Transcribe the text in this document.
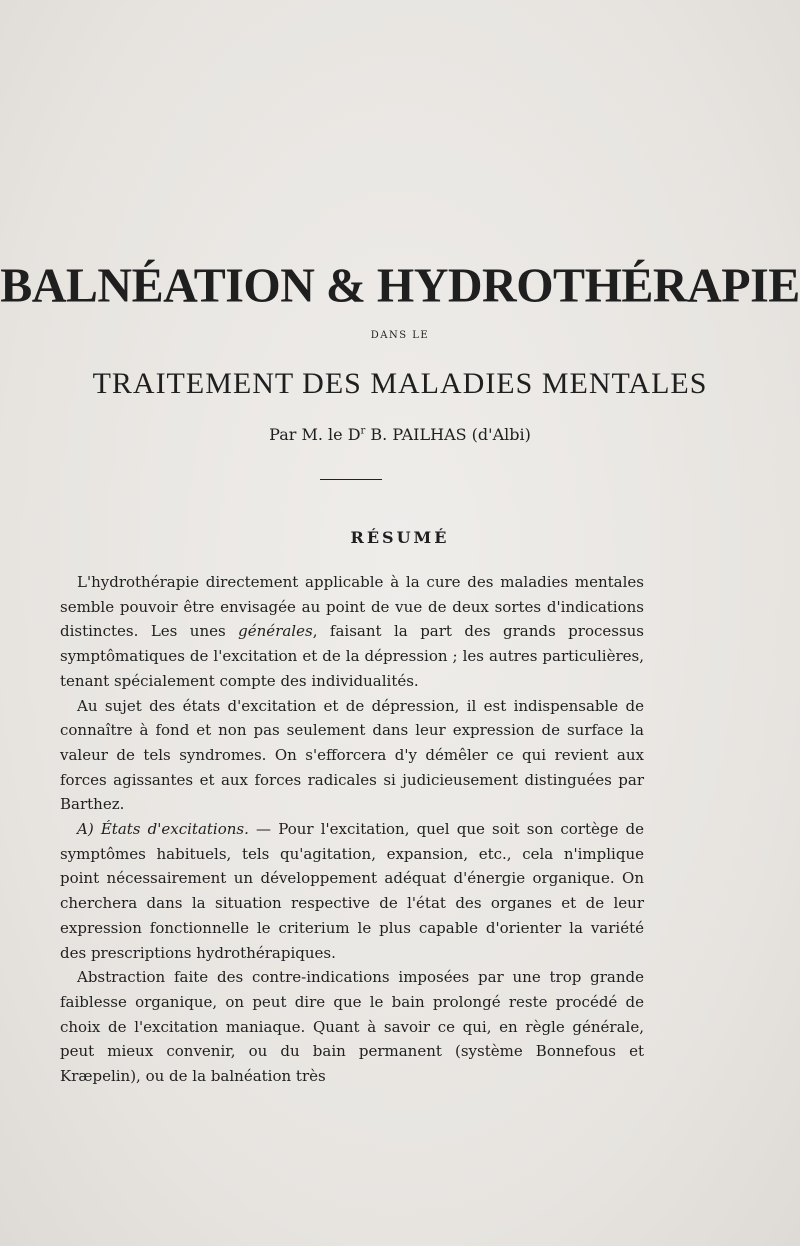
BALNÉATION & HYDROTHÉRAPIE
DANS LE
TRAITEMENT DES MALADIES MENTALES
Par M. le $D^r$ B. PAILHAS (d'Albi)
RÉSUMÉ

L'hydrothérapie directement applicable à la cure des maladies mentales semble pouvoir être envisagée au point de vue de deux sortes d'indications distinctes. Les unes générales, faisant la part des grands processus symptômatiques de l'excitation et de la dépression ; les autres particulières, tenant spécialement compte des individualités.

Au sujet des états d'excitation et de dépression, il est indispensable de connaître à fond et non pas seulement dans leur expression de surface la valeur de tels syndromes. On s'efforcera d'y démêler ce qui revient aux forces agissantes et aux forces radicales si judicieusement distinguées par Barthez.

A) États d'excitations. — Pour l'excitation, quel que soit son cortège de symptômes habituels, tels qu'agitation, expansion, etc., cela n'implique point nécessairement un développement adéquat d'énergie organique. On cherchera dans la situation respective de l'état des organes et de leur expression fonctionnelle le criterium le plus capable d'orienter la variété des prescriptions hydrothérapiques.

Abstraction faite des contre-indications imposées par une trop grande faiblesse organique, on peut dire que le bain prolongé reste procédé de choix de l'excitation maniaque. Quant à savoir ce qui, en règle générale, peut mieux convenir, ou du bain permanent (système Bonnefous et Kræpelin), ou de la balnéation très
